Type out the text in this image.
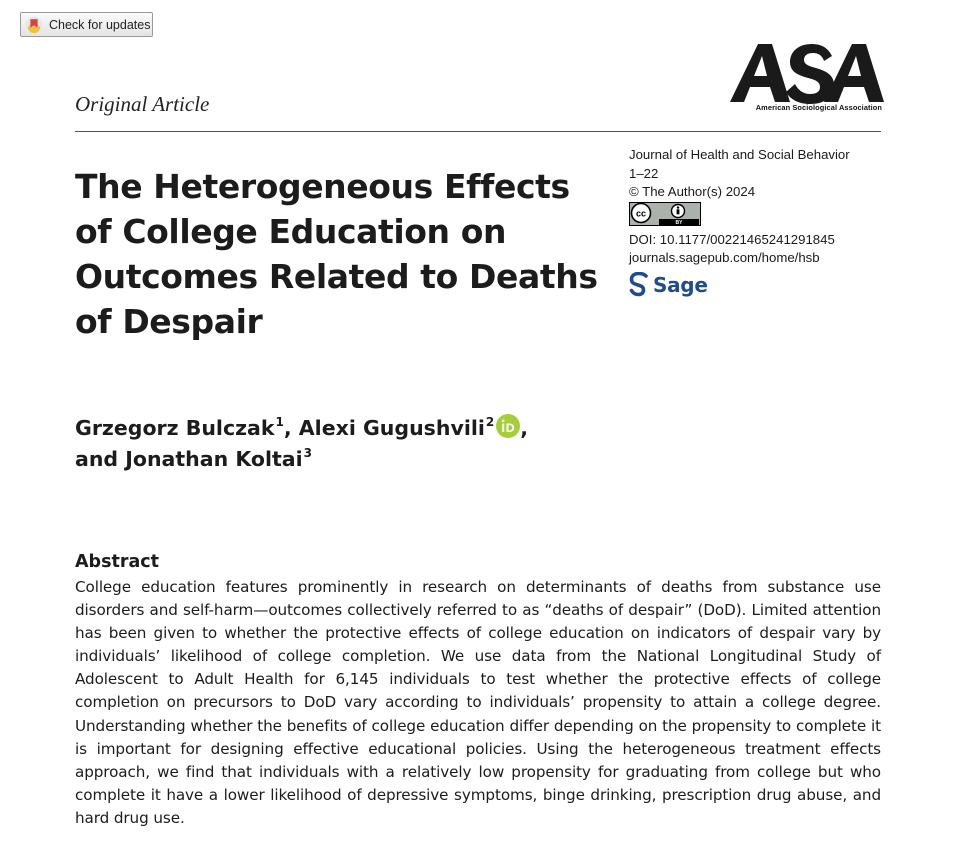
Check for updates
American Sociological Association
Original Article
The Heterogeneous Effects of College Education on Outcomes Related to Deaths of Despair
Journal of Health and Social Behavior
1–22
© The Author(s) 2024
BY
cc
DOI: 10.1177/00221465241291845
journals.sagepub.com/home/hsb
Sage
Grzegorz Bulczak$^1$, Alexi Gugushvili$^2$ ,
and Jonathan Koltai$^3$
Abstract
College education features prominently in research on determinants of deaths from substance use disorders and self-harm—outcomes collectively referred to as “deaths of despair” (DoD). Limited attention has been given to whether the protective effects of college education on indicators of despair vary by individuals’ likelihood of college completion. We use data from the National Longitudinal Study of Adolescent to Adult Health for 6,145 individuals to test whether the protective effects of college completion on precursors to DoD vary according to individuals’ propensity to attain a college degree. Understanding whether the benefits of college education differ depending on the propensity to complete it is important for designing effective educational policies. Using the heterogeneous treatment effects approach, we find that individuals with a relatively low propensity for graduating from college but who complete it have a lower likelihood of depressive symptoms, binge drinking, prescription drug abuse, and hard drug use.
